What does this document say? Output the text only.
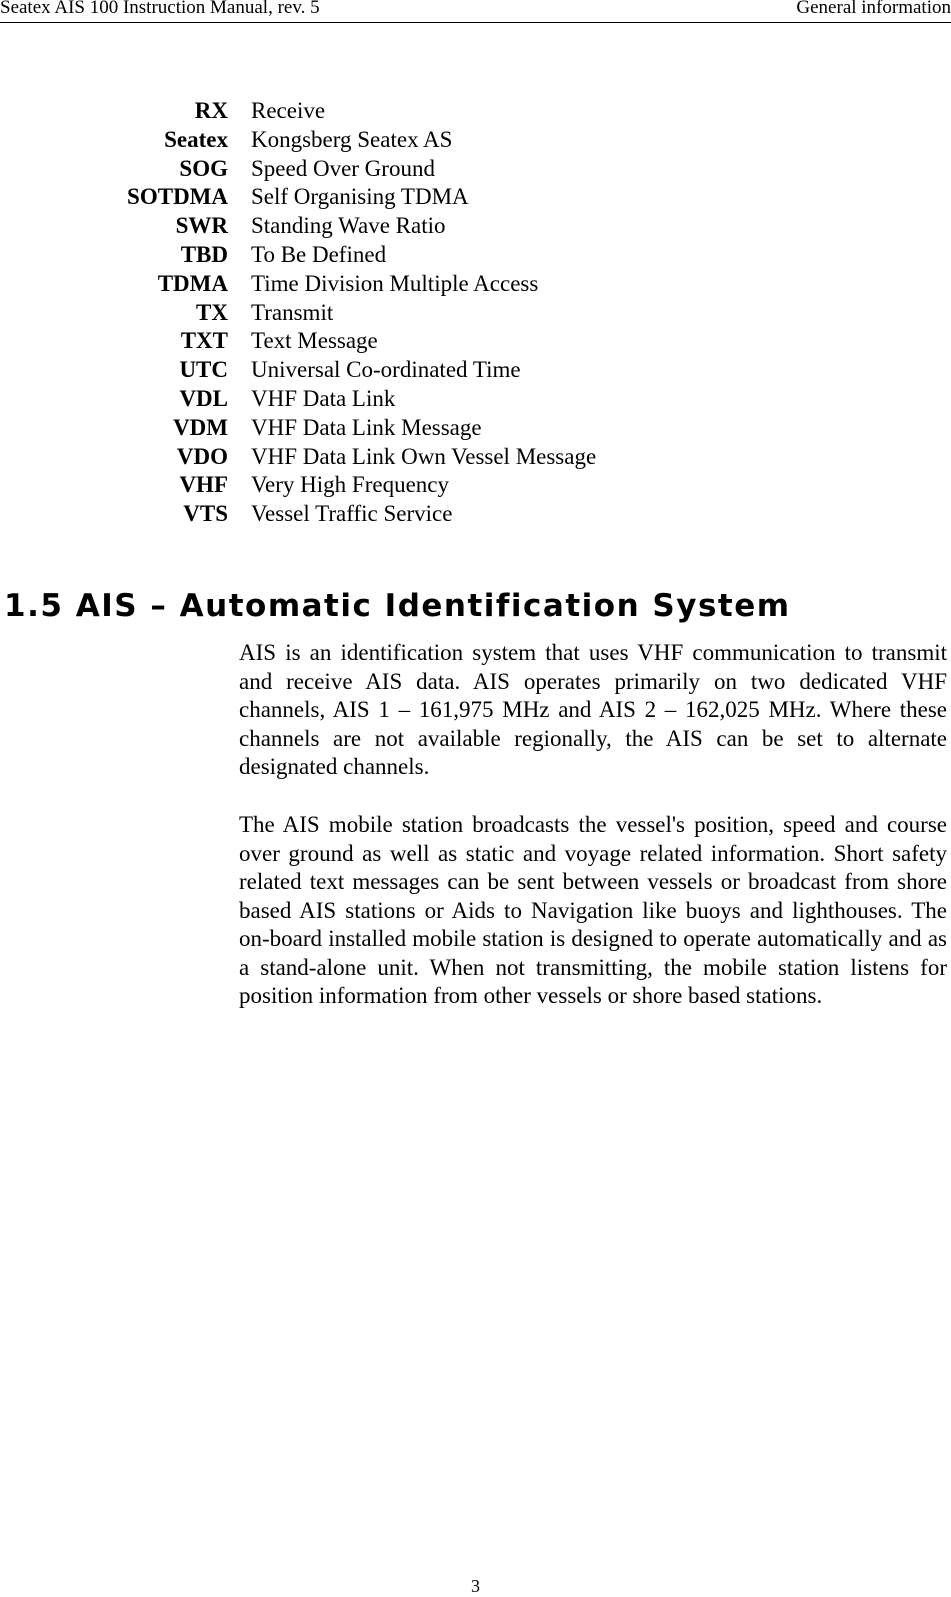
Seatex AIS 100 Instruction Manual, rev. 5	General information
RX Receive
Seatex Kongsberg Seatex AS
SOG Speed Over Ground
SOTDMA Self Organising TDMA
SWR Standing Wave Ratio
TBD To Be Defined
TDMA Time Division Multiple Access
TX Transmit
TXT Text Message
UTC Universal Co-ordinated Time
VDL VHF Data Link
VDM VHF Data Link Message
VDO VHF Data Link Own Vessel Message
VHF Very High Frequency
VTS Vessel Traffic Service
1.5 AIS – Automatic Identification System

AIS is an identification system that uses VHF communication to transmit and receive AIS data. AIS operates primarily on two dedicated VHF channels, AIS 1 – 161,975 MHz and AIS 2 – 162,025 MHz. Where these channels are not available regionally, the AIS can be set to alternate designated channels.

The AIS mobile station broadcasts the vessel's position, speed and course over ground as well as static and voyage related information. Short safety related text messages can be sent between vessels or broadcast from shore based AIS stations or Aids to Navigation like buoys and lighthouses. The on-board installed mobile station is designed to operate automatically and as a stand-alone unit. When not transmitting, the mobile station listens for position information from other vessels or shore based stations.

3
